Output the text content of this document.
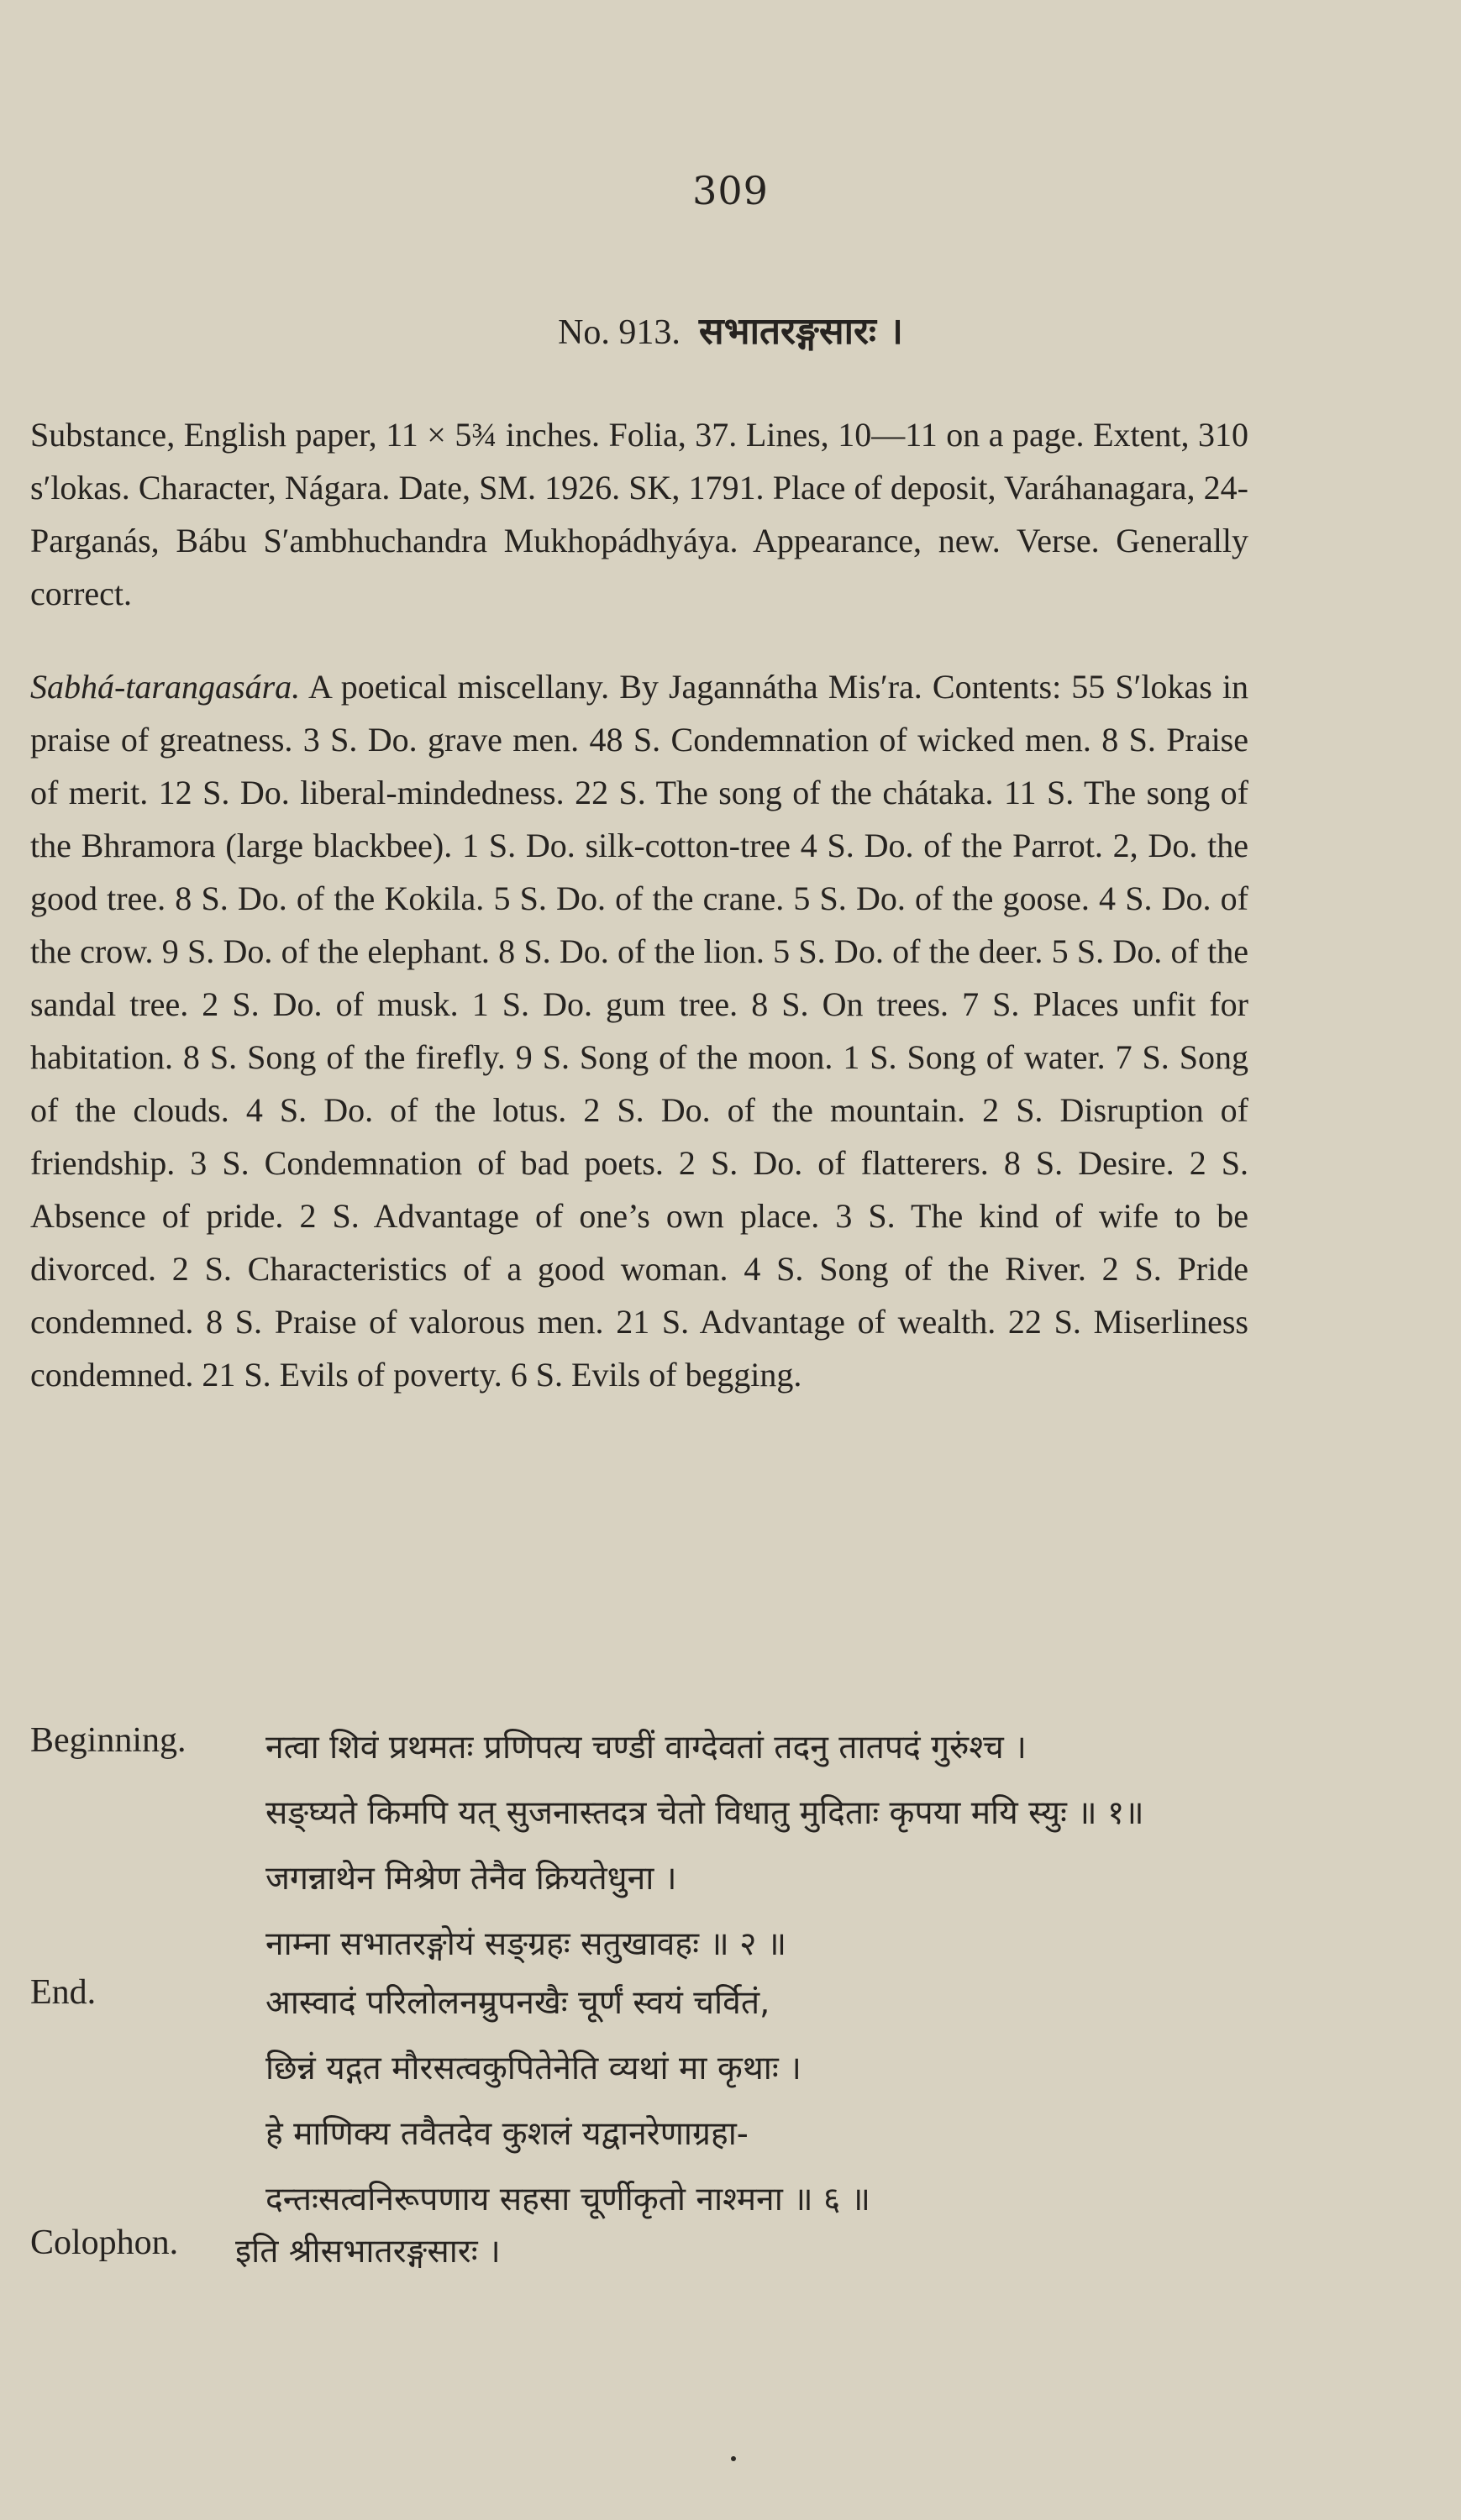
309
No. 913. सभातरङ्गसारः ।
Substance, English paper, 11 × 5¾ inches. Folia, 37. Lines, 10—11 on a page. Extent, 310 s′lokas. Character, Nágara. Date, SM. 1926. SK, 1791. Place of deposit, Varáhanagara, 24-Parganás, Bábu S′ambhuchandra Mukhopádhyáya. Appearance, new. Verse. Generally correct.
Sabhá-tarangasára. A poetical miscellany. By Jagannátha Mis′ra. Contents: 55 S′lokas in praise of greatness. 3 S. Do. grave men. 48 S. Condemnation of wicked men. 8 S. Praise of merit. 12 S. Do. liberal-mindedness. 22 S. The song of the chátaka. 11 S. The song of the Bhramora (large blackbee). 1 S. Do. silk-cotton-tree 4 S. Do. of the Parrot. 2, Do. the good tree. 8 S. Do. of the Kokila. 5 S. Do. of the crane. 5 S. Do. of the goose. 4 S. Do. of the crow. 9 S. Do. of the elephant. 8 S. Do. of the lion. 5 S. Do. of the deer. 5 S. Do. of the sandal tree. 2 S. Do. of musk. 1 S. Do. gum tree. 8 S. On trees. 7 S. Places unfit for habitation. 8 S. Song of the firefly. 9 S. Song of the moon. 1 S. Song of water. 7 S. Song of the clouds. 4 S. Do. of the lotus. 2 S. Do. of the mountain. 2 S. Disruption of friendship. 3 S. Condemnation of bad poets. 2 S. Do. of flatterers. 8 S. Desire. 2 S. Absence of pride. 2 S. Advantage of one’s own place. 3 S. The kind of wife to be divorced. 2 S. Characteristics of a good woman. 4 S. Song of the River. 2 S. Pride condemned. 8 S. Praise of valorous men. 21 S. Advantage of wealth. 22 S. Miserliness condemned. 21 S. Evils of poverty. 6 S. Evils of begging.
Beginning. नत्वा शिवं प्रथमतः प्रणिपत्य चण्डीं वाग्देवतां तदनु तातपदं गुरुंश्च ।
सङ्घ्यते किमपि यत् सुजनास्तदत्र चेतो विधातु मुदिताः कृपया मयि स्युः ॥ १॥
जगन्नाथेन मिश्रेण तेनैव क्रियतेधुना ।
नाम्ना सभातरङ्गोयं सङ्ग्रहः सतुखावहः ॥ २ ॥
End.	आस्वादं परिलोलनम्रुपनखैः चूर्णं स्वयं चर्वितं,
छिन्नं यद्गत मौरसत्वकुपितेनेति व्यथां मा कृथाः ।
हे माणिक्य तवैतदेव कुशलं यद्वानरेणाग्रहा-
दन्तःसत्वनिरूपणाय सहसा चूर्णीकृतो नाश्मना ॥ ६ ॥
Colophon. इति श्रीसभातरङ्गसारः ।
